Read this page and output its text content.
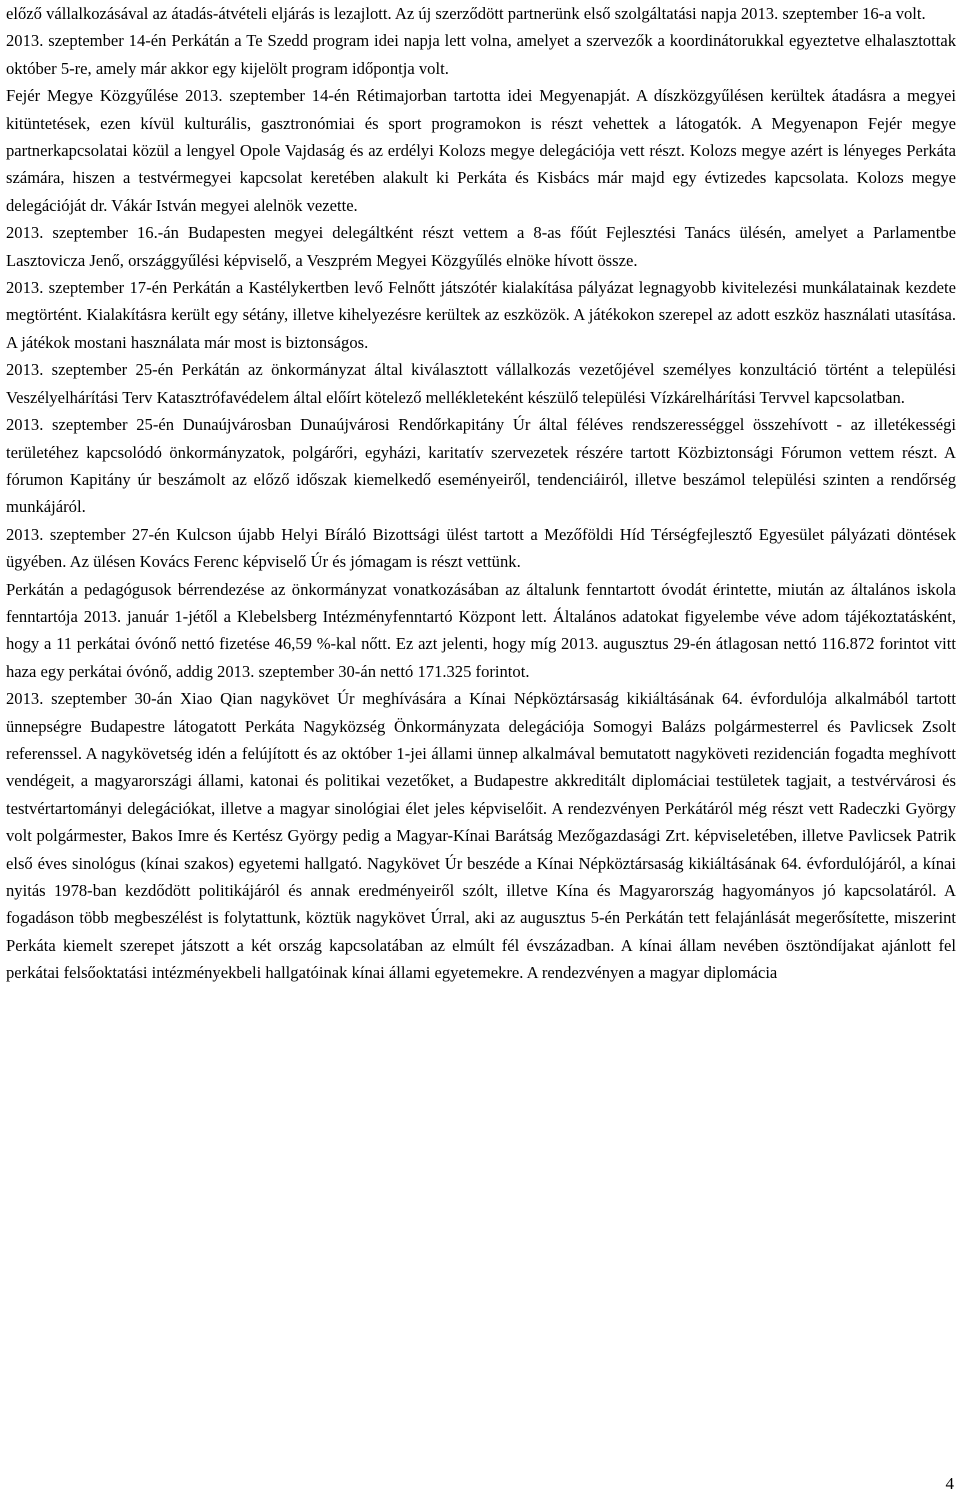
előző vállalkozásával az átadás-átvételi eljárás is lezajlott. Az új szerződött partnerünk első szolgáltatási napja 2013. szeptember 16-a volt.

2013. szeptember 14-én Perkátán a Te Szedd program idei napja lett volna, amelyet a szervezők a koordinátorukkal egyeztetve elhalasztottak október 5-re, amely már akkor egy kijelölt program időpontja volt.

Fejér Megye Közgyűlése 2013. szeptember 14-én Rétimajorban tartotta idei Megyenapját. A díszközgyűlésen kerültek átadásra a megyei kitüntetések, ezen kívül kulturális, gasztronómiai és sport programokon is részt vehettek a látogatók. A Megyenapon Fejér megye partnerkapcsolatai közül a lengyel Opole Vajdaság és az erdélyi Kolozs megye delegációja vett részt. Kolozs megye azért is lényeges Perkáta számára, hiszen a testvérmegyei kapcsolat keretében alakult ki Perkáta és Kisbács már majd egy évtizedes kapcsolata. Kolozs megye delegációját dr. Vákár István megyei alelnök vezette.

2013. szeptember 16.-án Budapesten megyei delegáltként részt vettem a 8-as főút Fejlesztési Tanács ülésén, amelyet a Parlamentbe Lasztovicza Jenő, országgyűlési képviselő, a Veszprém Megyei Közgyűlés elnöke hívott össze.

2013. szeptember 17-én Perkátán a Kastélykertben levő Felnőtt játszótér kialakítása pályázat legnagyobb kivitelezési munkálatainak kezdete megtörtént. Kialakításra került egy sétány, illetve kihelyezésre kerültek az eszközök. A játékokon szerepel az adott eszköz használati utasítása. A játékok mostani használata már most is biztonságos.

2013. szeptember 25-én Perkátán az önkormányzat által kiválasztott vállalkozás vezetőjével személyes konzultáció történt a települési Veszélyelhárítási Terv Katasztrófavédelem által előírt kötelező mellékleteként készülő települési Vízkárelhárítási Tervvel kapcsolatban.

2013. szeptember 25-én Dunaújvárosban Dunaújvárosi Rendőrkapitány Úr által féléves rendszerességgel összehívott - az illetékességi területéhez kapcsolódó önkormányzatok, polgárőri, egyházi, karitatív szervezetek részére tartott Közbiztonsági Fórumon vettem részt. A fórumon Kapitány úr beszámolt az előző időszak kiemelkedő eseményeiről, tendenciáiról, illetve beszámol települési szinten a rendőrség munkájáról.

2013. szeptember 27-én Kulcson újabb Helyi Bíráló Bizottsági ülést tartott a Mezőföldi Híd Térségfejlesztő Egyesület pályázati döntések ügyében. Az ülésen Kovács Ferenc képviselő Úr és jómagam is részt vettünk.

Perkátán a pedagógusok bérrendezése az önkormányzat vonatkozásában az általunk fenntartott óvodát érintette, miután az általános iskola fenntartója 2013. január 1-jétől a Klebelsberg Intézményfenntartó Központ lett. Általános adatokat figyelembe véve adom tájékoztatásként, hogy a 11 perkátai óvónő nettó fizetése 46,59 %-kal nőtt. Ez azt jelenti, hogy míg 2013. augusztus 29-én átlagosan nettó 116.872 forintot vitt haza egy perkátai óvónő, addig 2013. szeptember 30-án nettó 171.325 forintot.

2013. szeptember 30-án Xiao Qian nagykövet Úr meghívására a Kínai Népköztársaság kikiáltásának 64. évfordulója alkalmából tartott ünnepségre Budapestre látogatott Perkáta Nagyközség Önkormányzata delegációja Somogyi Balázs polgármesterrel és Pavlicsek Zsolt referenssel. A nagykövetség idén a felújított és az október 1-jei állami ünnep alkalmával bemutatott nagyköveti rezidencián fogadta meghívott vendégeit, a magyarországi állami, katonai és politikai vezetőket, a Budapestre akkreditált diplomáciai testületek tagjait, a testvérvárosi és testvértartományi delegációkat, illetve a magyar sinológiai élet jeles képviselőit. A rendezvényen Perkátáról még részt vett Radeczki György volt polgármester, Bakos Imre és Kertész György pedig a Magyar-Kínai Barátság Mezőgazdasági Zrt. képviseletében, illetve Pavlicsek Patrik első éves sinológus (kínai szakos) egyetemi hallgató. Nagykövet Úr beszéde a Kínai Népköztársaság kikiáltásának 64. évfordulójáról, a kínai nyitás 1978-ban kezdődött politikájáról és annak eredményeiről szólt, illetve Kína és Magyarország hagyományos jó kapcsolatáról. A fogadáson több megbeszélést is folytattunk, köztük nagykövet Úrral, aki az augusztus 5-én Perkátán tett felajánlását megerősítette, miszerint Perkáta kiemelt szerepet játszott a két ország kapcsolatában az elmúlt fél évszázadban. A kínai állam nevében ösztöndíjakat ajánlott fel perkátai felsőoktatási intézményekbeli hallgatóinak kínai állami egyetemekre. A rendezvényen a magyar diplomácia

4
